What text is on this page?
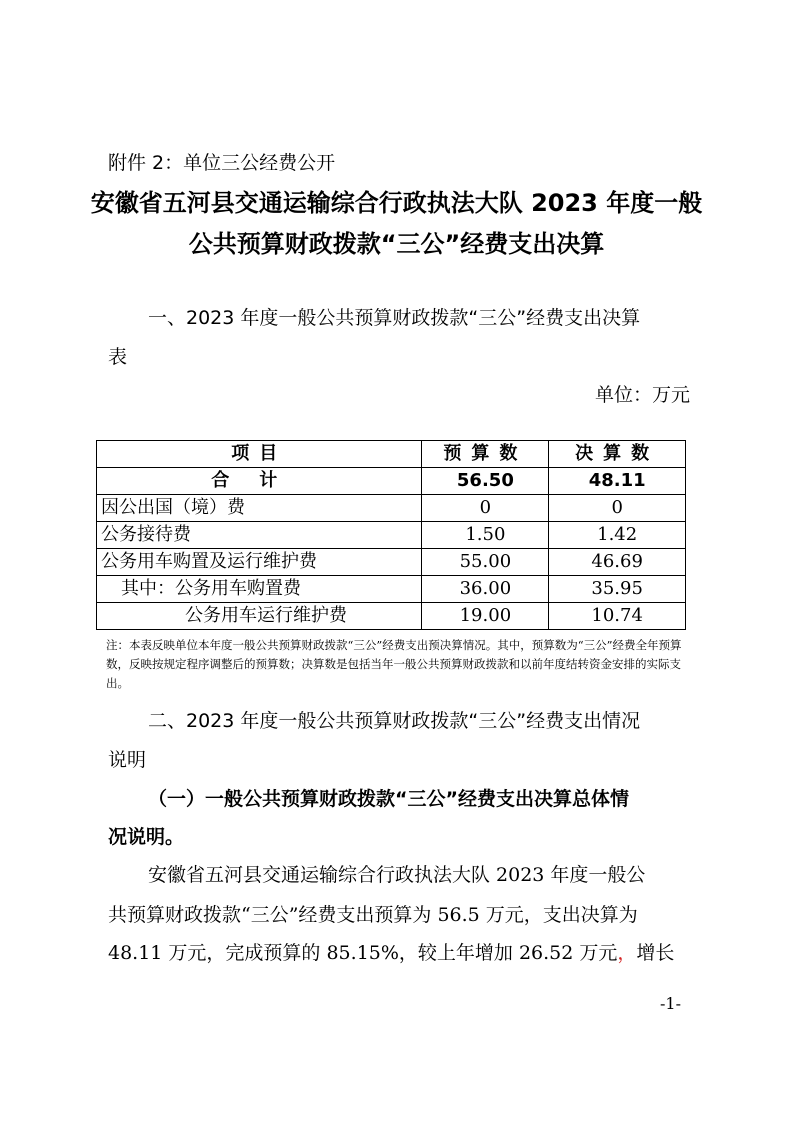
附件 2：单位三公经费公开
安徽省五河县交通运输综合行政执法大队 2023 年度一般
公共预算财政拨款“三公”经费支出决算
一、2023 年度一般公共预算财政拨款“三公”经费支出决算
表
单位：万元
项目	预算数	决算数
合计	56.50	48.11
因公出国（境）费	0	0
公务接待费	1.50	1.42
公务用车购置及运行维护费	55.00	46.69
其中：公务用车购置费	36.00	35.95
公务用车运行维护费	19.00	10.74
注：本表反映单位本年度一般公共预算财政拨款“三公”经费支出预决算情况。其中，预算数为“三公”经费全年预算数，反映按规定程序调整后的预算数；决算数是包括当年一般公共预算财政拨款和以前年度结转资金安排的实际支出。
二、2023 年度一般公共预算财政拨款“三公”经费支出情况
说明
（一）一般公共预算财政拨款“三公”经费支出决算总体情
况说明。
安徽省五河县交通运输综合行政执法大队 2023 年度一般公
共预算财政拨款“三公”经费支出预算为 56.5 万元，支出决算为
48.11 万元，完成预算的 85.15%，较上年增加 26.52 万元，增长
-1-
